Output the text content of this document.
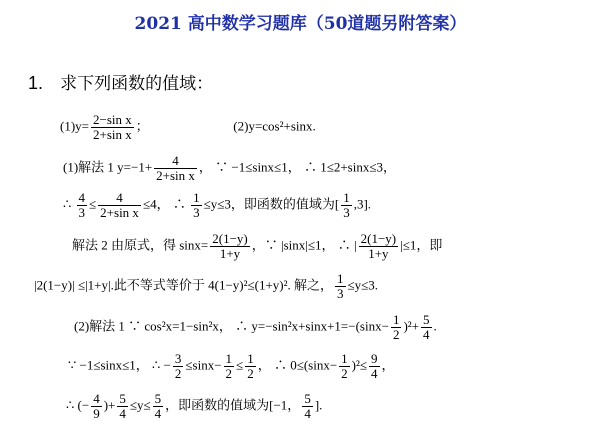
2021 高中数学习题库（50道题另附答案）
1. 求下列函数的值域：
$(1)y= \frac{\text{2−sin x}}{\text{2+sin x}}$ ；	(2)y=cos²+sinx.
(1)解法 1 $y=-1+ \frac{4}{\text{2+sin x}}$ ， ∵ −1≤sinx≤1， ∴ 1≤2+sinx≤3，
∴ $\frac{4}{3} \le \frac{4}{\text{2+sin x}} \le 4$， ∴ $\frac{1}{3} \le y\le 3$，即函数的值域为[ $\frac{1}{3} ,3$].
解法 2 由原式，得 $\sin x= \frac{2(1-y)}{1+y}$ ，∵ |sinx|≤1， ∴ | $\frac{2(1-y)}{1+y} |\le 1$，即
|2(1−y)| ≤|1+y|.此不等式等价于 4(1−y)²≤(1+y)². 解之， $\frac{1}{3} \le y\le 3$.
(2)解法 1 ∵ cos²x=1−sin²x， ∴ $y=-\sin^2x+\sin x+1=-(\sin x- \frac{1}{2} )^2+ \frac{5}{4}$ .
∵ −1≤sinx≤1， ∴ − $\frac{3}{2} \le\sin x- \frac{1}{2} \le \frac{1}{2}$ ， ∴ $0\le(\sin x- \frac{1}{2} )^2\le \frac{9}{4}$ ，
∴ (− $\frac{4}{9}$ )+ $\frac{5}{4} \le y\le \frac{5}{4}$ ，即函数的值域为[−1， $\frac{5}{4}$ ].
